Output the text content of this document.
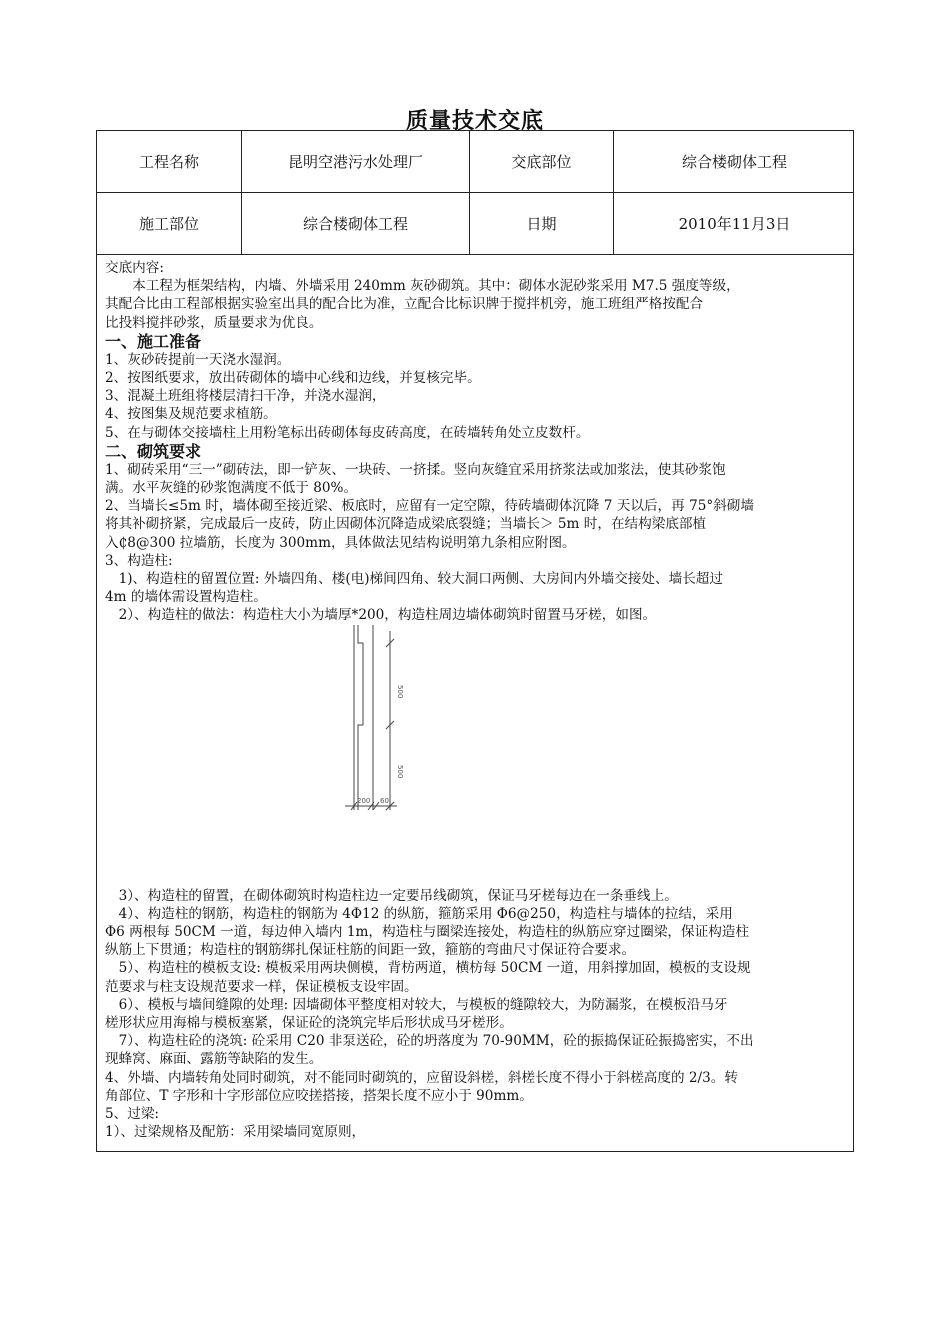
质量技术交底
工程名称	昆明空港污水处理厂	交底部位	综合楼砌体工程
施工部位	综合楼砌体工程	日期	2010年11月3日

交底内容:

本工程为框架结构，内墙、外墙采用 240mm 灰砂砌筑。其中：砌体水泥砂浆采用 M7.5 强度等级，

其配合比由工程部根据实验室出具的配合比为准，立配合比标识牌于搅拌机旁，施工班组严格按配合

比投料搅拌砂浆，质量要求为优良。

一、施工准备

1、灰砂砖提前一天浇水湿润。

2、按图纸要求，放出砖砌体的墙中心线和边线，并复核完毕。

3、混凝土班组将楼层清扫干净，并浇水湿润，

4、按图集及规范要求植筋。

5、在与砌体交接墙柱上用粉笔标出砖砌体每皮砖高度，在砖墙转角处立皮数杆。

二、砌筑要求

1、砌砖采用“三一”砌砖法，即一铲灰、一块砖、一挤揉。竖向灰缝宜采用挤浆法或加浆法，使其砂浆饱

满。水平灰缝的砂浆饱满度不低于 80%。

2、当墙长≤5m 时，墙体砌至接近梁、板底时，应留有一定空隙，待砖墙砌体沉降 7 天以后，再 75°斜砌墙

将其补砌挤紧，完成最后一皮砖，防止因砌体沉降造成梁底裂缝；当墙长＞ 5m 时，在结构梁底部植

入₵8@300 拉墙筋，长度为 300mm，具体做法见结构说明第九条相应附图。

3、构造柱:

1)、构造柱的留置位置: 外墙四角、楼(电)梯间四角、较大洞口两侧、大房间内外墙交接处、墙长超过

4m 的墙体需设置构造柱。

2）、构造柱的做法：构造柱大小为墙厚*200，构造柱周边墙体砌筑时留置马牙槎，如图。

500
500
200 60

3）、构造柱的留置，在砌体砌筑时构造柱边一定要吊线砌筑，保证马牙槎每边在一条垂线上。

4）、构造柱的钢筋，构造柱的钢筋为 4Φ12 的纵筋，箍筋采用 Φ6@250，构造柱与墙体的拉结，采用

Φ6 两根每 50CM 一道，每边伸入墙内 1m，构造柱与圈梁连接处，构造柱的纵筋应穿过圈梁，保证构造柱

纵筋上下贯通；构造柱的钢筋绑扎保证柱筋的间距一致，箍筋的弯曲尺寸保证符合要求。

5）、构造柱的模板支设: 模板采用两块侧模，背枋两道，横枋每 50CM 一道，用斜撑加固，模板的支设规

范要求与柱支设规范要求一样，保证模板支设牢固。

6）、模板与墙间缝隙的处理: 因墙砌体平整度相对较大，与模板的缝隙较大，为防漏浆，在模板沿马牙

槎形状应用海棉与模板塞紧，保证砼的浇筑完毕后形状成马牙槎形。

7）、构造柱砼的浇筑: 砼采用 C20 非泵送砼，砼的坍落度为 70-90MM，砼的振捣保证砼振捣密实，不出

现蜂窝、麻面、露筋等缺陷的发生。

4、外墙、内墙转角处同时砌筑，对不能同时砌筑的，应留设斜槎，斜槎长度不得小于斜槎高度的 2/3。转

角部位、T 字形和十字形部位应咬搓搭接，搭架长度不应小于 90mm。

5、过梁:

1）、过梁规格及配筋：采用梁墙同宽原则，
